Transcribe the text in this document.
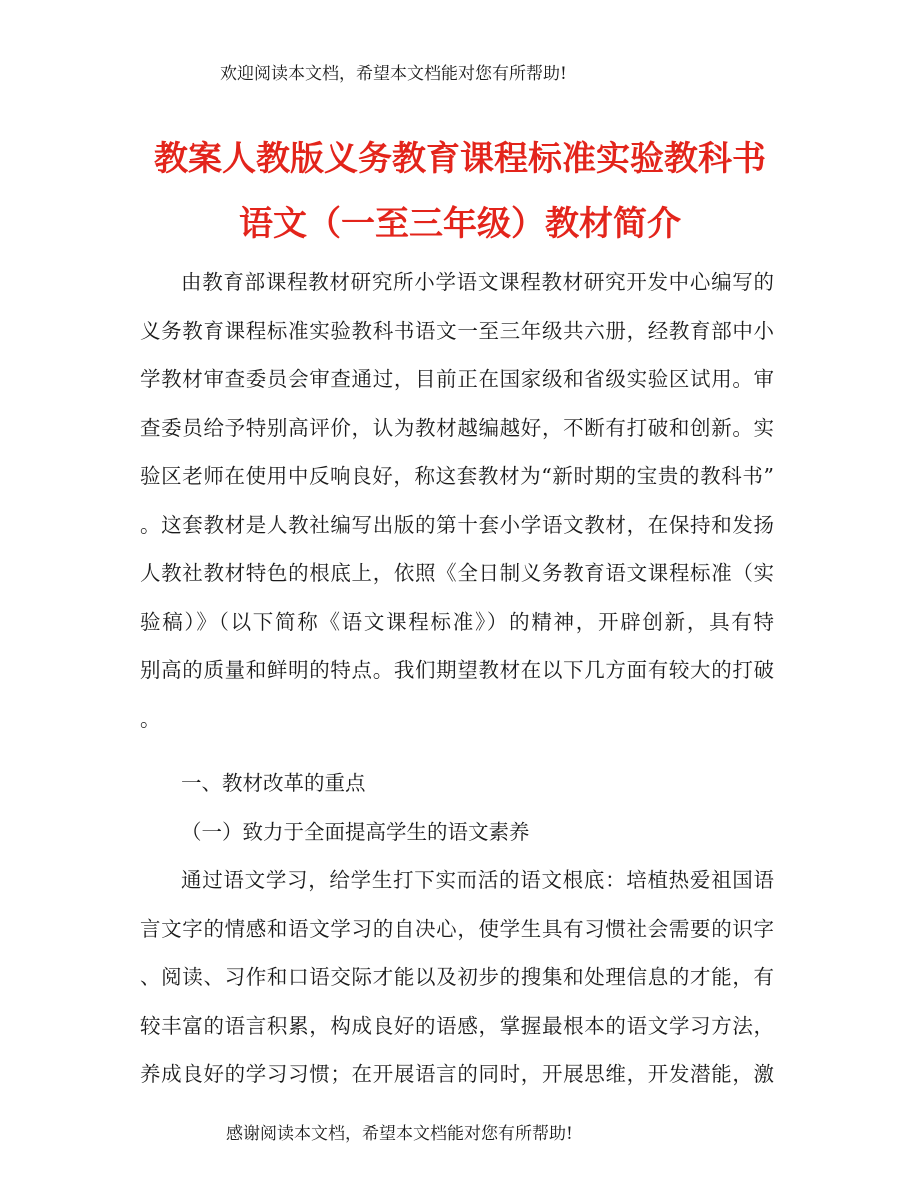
欢迎阅读本文档，希望本文档能对您有所帮助!
教案人教版义务教育课程标准实验教科书
语文（一至三年级）教材简介

由教育部课程教材研究所小学语文课程教材研究开发中心编写的
义务教育课程标准实验教科书语文一至三年级共六册，经教育部中小
学教材审查委员会审查通过，目前正在国家级和省级实验区试用。审
查委员给予特别高评价，认为教材越编越好，不断有打破和创新。实
验区老师在使用中反响良好，称这套教材为“新时期的宝贵的教科书”
。这套教材是人教社编写出版的第十套小学语文教材，在保持和发扬
人教社教材特色的根底上，依照《全日制义务教育语文课程标准（实
验稿）》（以下简称《语文课程标准》）的精神，开辟创新，具有特
别高的质量和鲜明的特点。我们期望教材在以下几方面有较大的打破
。

一、教材改革的重点

（一）致力于全面提高学生的语文素养

通过语文学习，给学生打下实而活的语文根底：培植热爱祖国语
言文字的情感和语文学习的自决心，使学生具有习惯社会需要的识字
、阅读、习作和口语交际才能以及初步的搜集和处理信息的才能，有
较丰富的语言积累，构成良好的语感，掌握最根本的语文学习方法，
养成良好的学习习惯；在开展语言的同时，开展思维，开发潜能，激

感谢阅读本文档，希望本文档能对您有所帮助!
